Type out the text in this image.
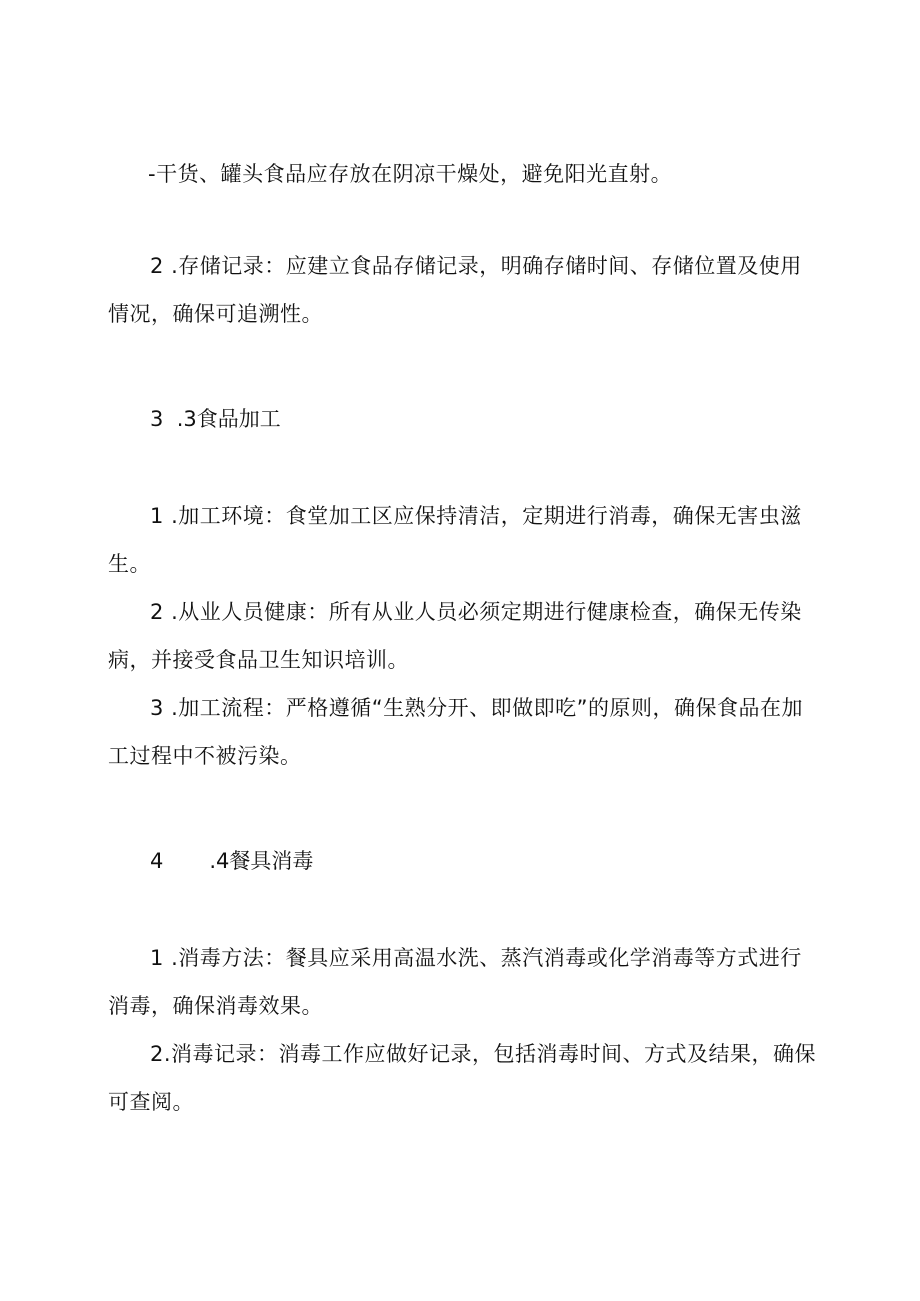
-干货、罐头食品应存放在阴凉干燥处，避免阳光直射。
2 .存储记录：应建立食品存储记录，明确存储时间、存储位置及使用情况，确保可追溯性。
3 .3食品加工
1 .加工环境：食堂加工区应保持清洁，定期进行消毒，确保无害虫滋生。
2 .从业人员健康：所有从业人员必须定期进行健康检查，确保无传染病，并接受食品卫生知识培训。
3 .加工流程：严格遵循“生熟分开、即做即吃”的原则，确保食品在加工过程中不被污染。
4 .4餐具消毒
1 .消毒方法：餐具应采用高温水洗、蒸汽消毒或化学消毒等方式进行消毒，确保消毒效果。
2.消毒记录：消毒工作应做好记录，包括消毒时间、方式及结果，确保可查阅。
